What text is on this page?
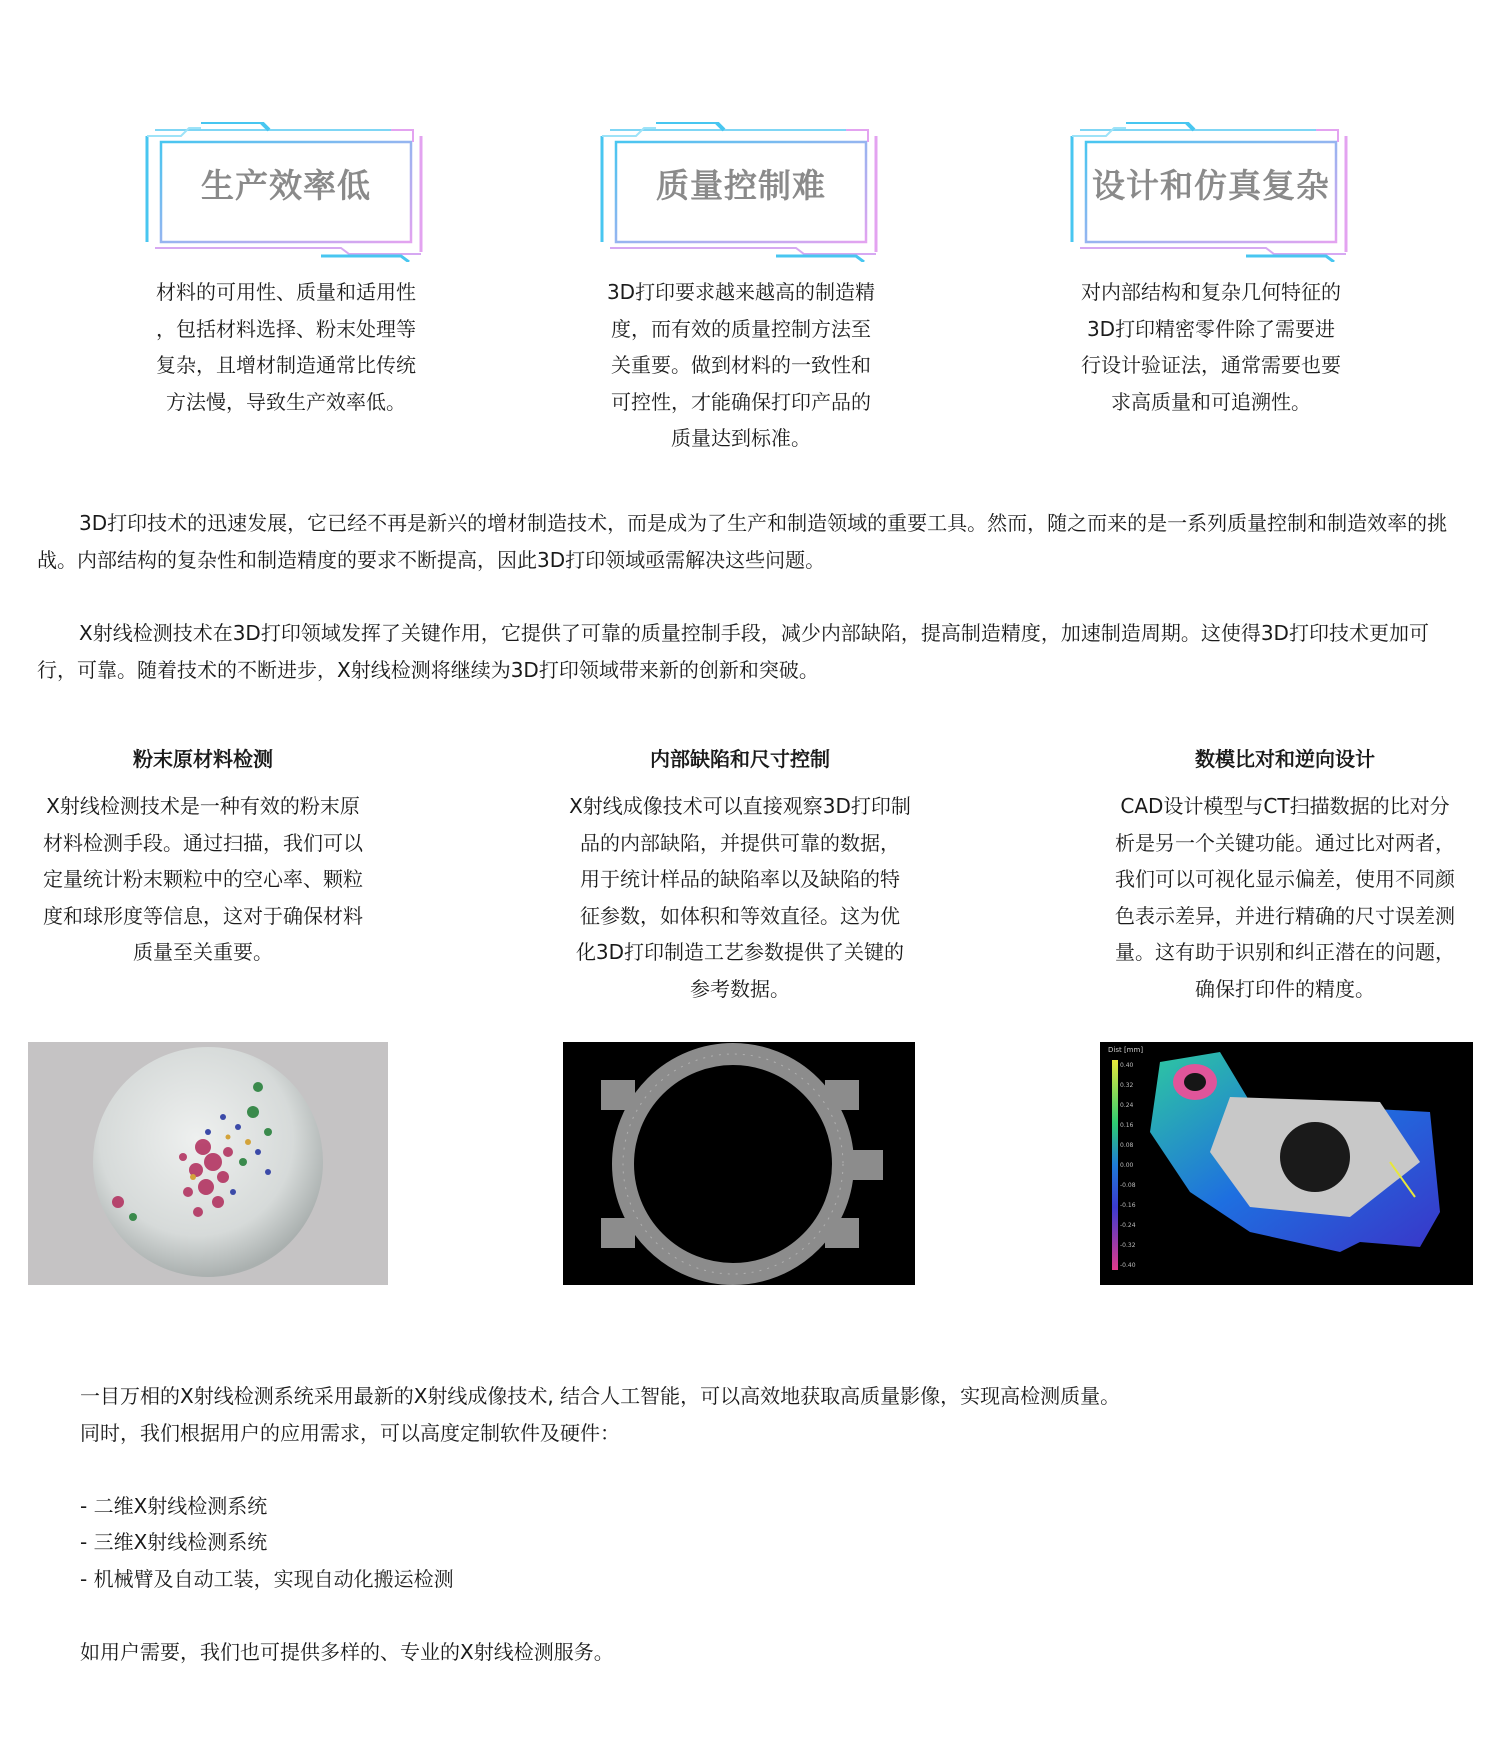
生产效率低
材料的可用性、质量和适用性
，包括材料选择、粉末处理等
复杂，且增材制造通常比传统
方法慢，导致生产效率低。
质量控制难
3D打印要求越来越高的制造精
度，而有效的质量控制方法至
关重要。做到材料的一致性和
可控性，才能确保打印产品的
质量达到标准。
设计和仿真复杂
对内部结构和复杂几何特征的
3D打印精密零件除了需要进
行设计验证法，通常需要也要
求高质量和可追溯性。
3D打印技术的迅速发展，它已经不再是新兴的增材制造技术，而是成为了生产和制造领域的重要工具。然而，随之而来的是一系列质量控制和制造效率的挑战。内部结构的复杂性和制造精度的要求不断提高，因此3D打印领域亟需解决这些问题。
X射线检测技术在3D打印领域发挥了关键作用，它提供了可靠的质量控制手段，减少内部缺陷，提高制造精度，加速制造周期。这使得3D打印技术更加可行，可靠。随着技术的不断进步，X射线检测将继续为3D打印领域带来新的创新和突破。
粉末原材料检测
X射线检测技术是一种有效的粉末原
材料检测手段。通过扫描，我们可以
定量统计粉末颗粒中的空心率、颗粒
度和球形度等信息，这对于确保材料
质量至关重要。
内部缺陷和尺寸控制
X射线成像技术可以直接观察3D打印制
品的内部缺陷，并提供可靠的数据，
用于统计样品的缺陷率以及缺陷的特
征参数，如体积和等效直径。这为优
化3D打印制造工艺参数提供了关键的
参考数据。
数模比对和逆向设计
CAD设计模型与CT扫描数据的比对分
析是另一个关键功能。通过比对两者，
我们可以可视化显示偏差，使用不同颜
色表示差异，并进行精确的尺寸误差测
量。这有助于识别和纠正潜在的问题，
确保打印件的精度。
Dist [mm]
0.40
0.32
0.24
0.16
0.08
0.00
-0.08
-0.16
-0.24
-0.32
-0.40

一目万相的X射线检测系统采用最新的X射线成像技术, 结合人工智能，可以高效地获取高质量影像，实现高检测质量。

同时，我们根据用户的应用需求，可以高度定制软件及硬件：

- 二维X射线检测系统

- 三维X射线检测系统

- 机械臂及自动工装，实现自动化搬运检测

如用户需要，我们也可提供多样的、专业的X射线检测服务。
